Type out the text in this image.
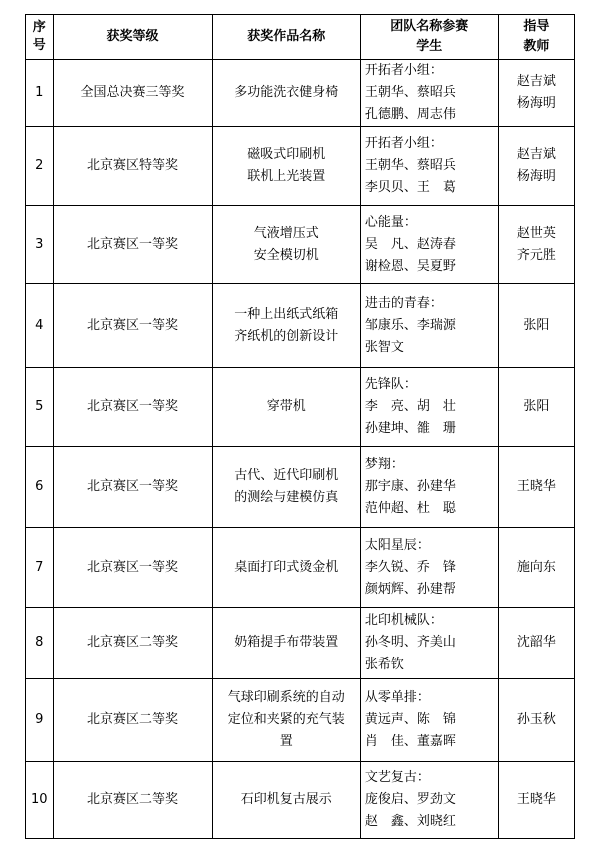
序号	获奖等级	获奖作品名称	团队名称参赛学生	指导教师

1	全国总决赛三等奖	多功能洗衣健身椅	开拓者小组：
王朝华、蔡昭兵
孔德鹏、周志伟	赵吉斌
杨海明

2	北京赛区特等奖	磁吸式印刷机
联机上光装置	开拓者小组：
王朝华、蔡昭兵
李贝贝、王　葛	赵吉斌
杨海明

3	北京赛区一等奖	气液增压式
安全模切机	心能量：
吴　凡、赵涛春
谢检恩、吴夏野	赵世英
齐元胜

4	北京赛区一等奖	一种上出纸式纸箱
齐纸机的创新设计	进击的青春：
邹康乐、李瑞源
张智文	张阳

5	北京赛区一等奖	穿带机	先锋队：
李　亮、胡　壮
孙建坤、雒　珊	张阳

6	北京赛区一等奖	古代、近代印刷机
的测绘与建模仿真	梦翔：
那宇康、孙建华
范仲超、杜　聪	王晓华

7	北京赛区一等奖	桌面打印式烫金机	太阳星辰：
李久锐、乔　锋
颜炳辉、孙建帮	施向东

8	北京赛区二等奖	奶箱提手布带装置	北印机械队：
孙冬明、齐美山
张希钦	沈韶华

9	北京赛区二等奖	气球印刷系统的自动
定位和夹紧的充气装
置	从零单排：
黄远声、陈　锦
肖　佳、董嘉晖	孙玉秋

10	北京赛区二等奖	石印机复古展示	文艺复古：
庞俊启、罗劲文
赵　鑫、刘晓红	王晓华
